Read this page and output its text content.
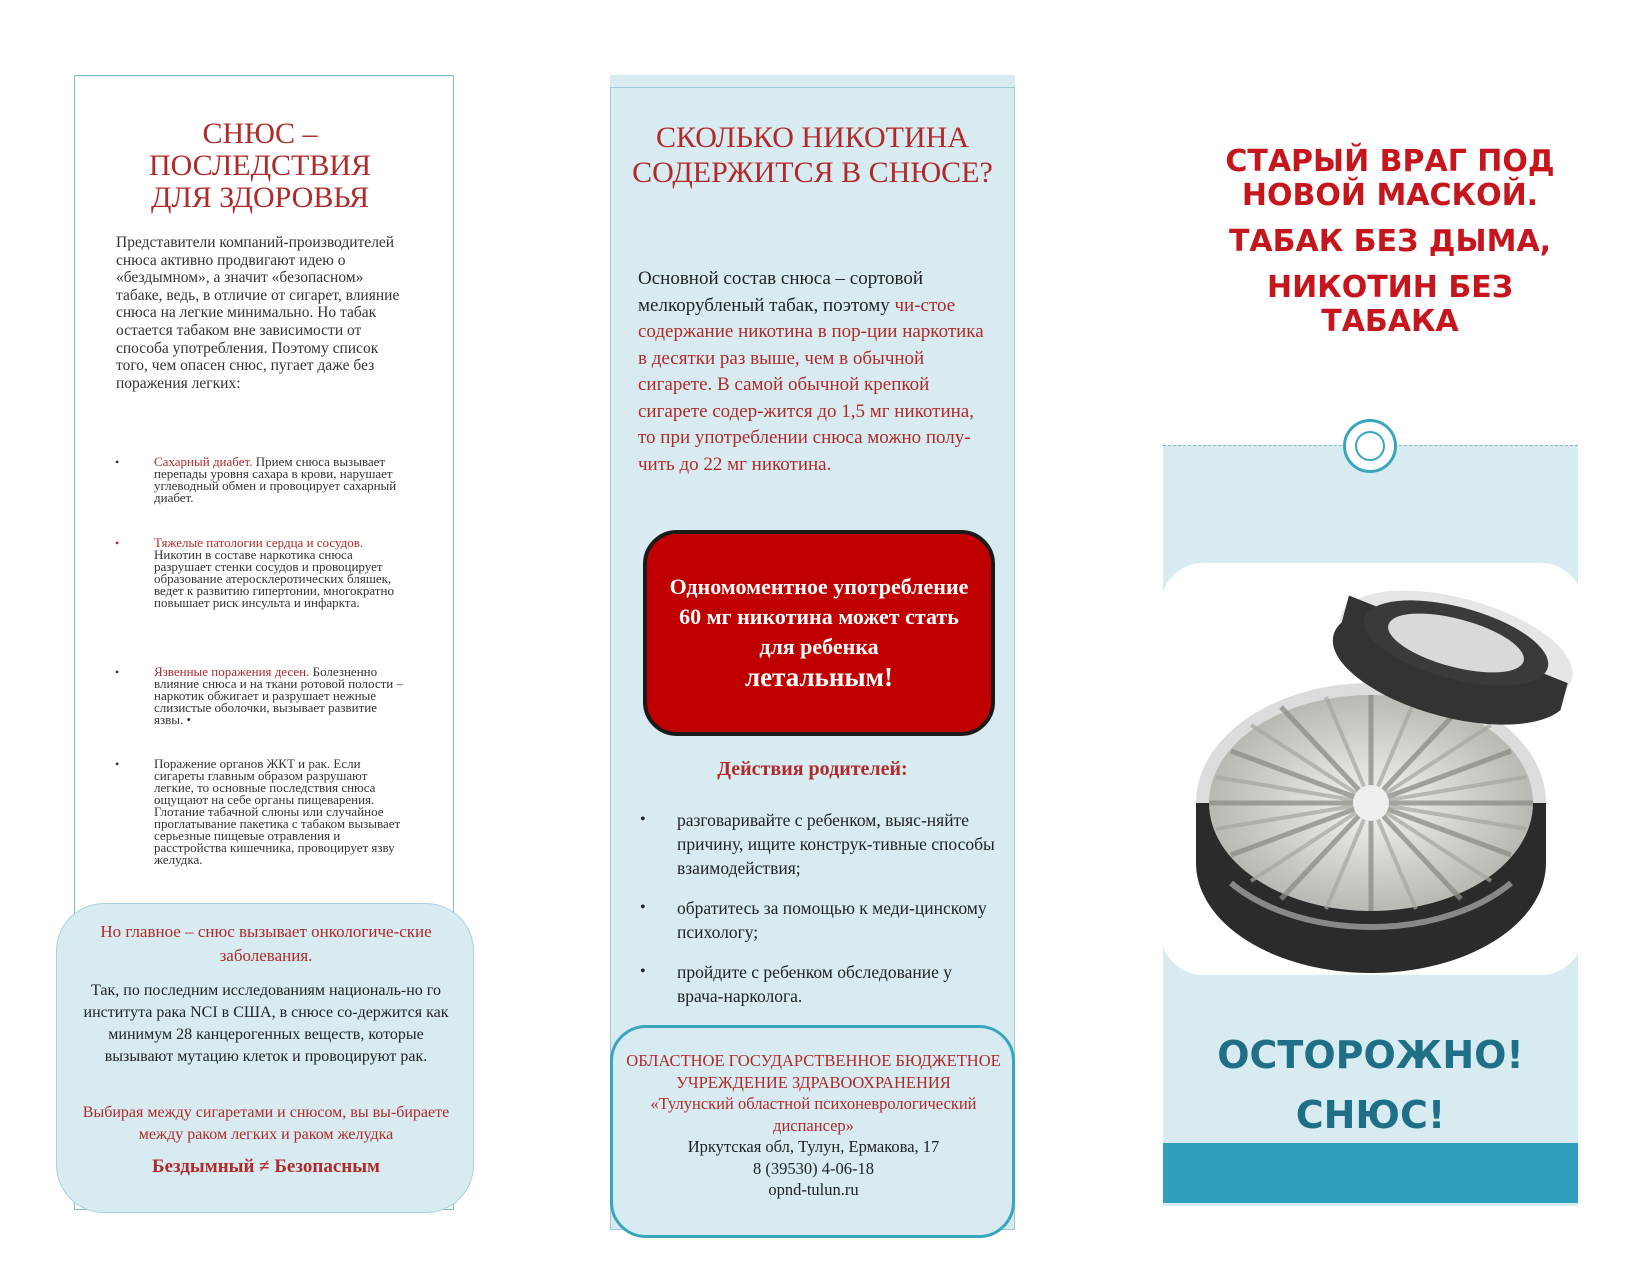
СНЮС –
ПОСЛЕДСТВИЯ
ДЛЯ ЗДОРОВЬЯ
Представители компаний-производителей снюса активно продвигают идею о «бездымном», а значит «безопасном» табаке, ведь, в отличие от сигарет, влияние снюса на легкие минимально. Но табак остается табаком вне зависимости от способа употребления. Поэтому список того, чем опасен снюс, пугает даже без поражения легких:
•	Сахарный диабет. Прием снюса вызывает перепады уровня сахара в крови, нарушает углеводный обмен и провоцирует сахарный диабет.
•	Тяжелые патологии сердца и сосудов. Никотин в составе наркотика снюса разрушает стенки сосудов и провоцирует образование атеросклеротических бляшек, ведет к развитию гипертонии, многократно повышает риск инсульта и инфаркта.
•	Язвенные поражения десен. Болезненно влияние снюса и на ткани ротовой полости – наркотик обжигает и разрушает нежные слизистые оболочки, вызывает развитие язвы. •
•	Поражение органов ЖКТ и рак. Если сигареты главным образом разрушают легкие, то основные последствия снюса ощущают на себе органы пищеварения. Глотание табачной слюны или случайное проглатывание пакетика с табаком вызывает серьезные пищевые отравления и расстройства кишечника, провоцирует язву желудка.
Но главное – снюс вызывает онкологиче-ские заболевания.
Так, по последним исследованиям националь-но го института рака NCI в США, в снюсе со-держится как минимум 28 канцерогенных веществ, которые вызывают мутацию клеток и провоцируют рак.
Выбирая между сигаретами и снюсом, вы вы-бираете между раком легких и раком желудка
Бездымный ≠ Безопасным
СКОЛЬКО НИКОТИНА СОДЕРЖИТСЯ В СНЮСЕ?
Основной состав снюса – сортовой мелкорубленый табак, поэтому чи-стое содержание никотина в пор-ции наркотика в десятки раз выше, чем в обычной сигарете. В самой обычной крепкой сигарете содер-жится до 1,5 мг никотина, то при употреблении снюса можно полу-чить до 22 мг никотина.
Одномоментное употребление 60 мг никотина может стать для ребенка
летальным!
Действия родителей:
• разговаривайте с ребенком, выяс-няйте причину, ищите конструк-тивные способы взаимодействия;
• обратитесь за помощью к меди-цинскому психологу;
• пройдите с ребенком обследование у врача-нарколога.
ОБЛАСТНОЕ ГОСУДАРСТВЕННОЕ БЮДЖЕТНОЕ УЧРЕЖДЕНИЕ ЗДРАВООХРАНЕНИЯ
«Тулунский областной психоневрологический диспансер»
Иркутская обл, Тулун, Ермакова, 17
8 (39530) 4-06-18
opnd-tulun.ru
СТАРЫЙ ВРАГ ПОД НОВОЙ МАСКОЙ.
ТАБАК БЕЗ ДЫМА,
НИКОТИН БЕЗ ТАБАКА
ОСТОРОЖНО!
СНЮС!
